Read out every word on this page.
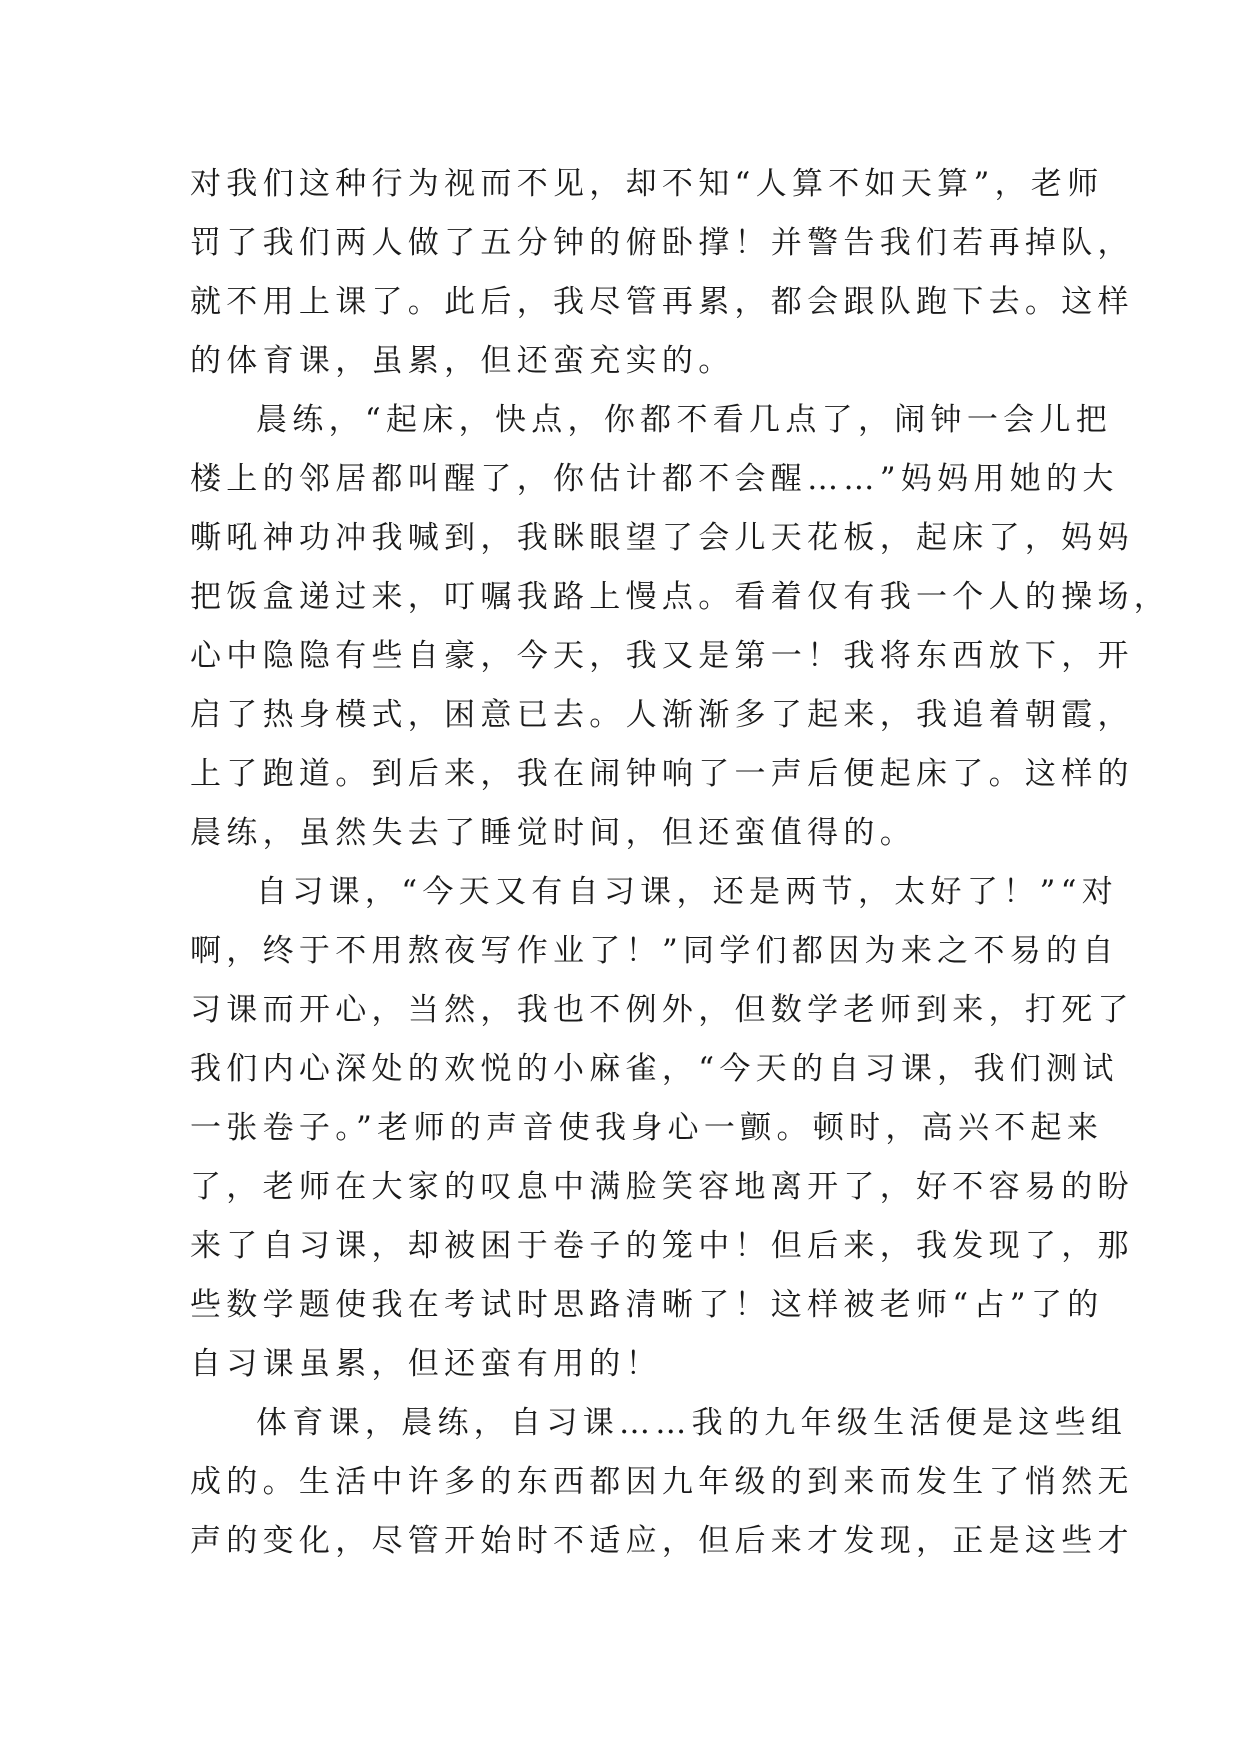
对我们这种行为视而不见，却不知“人算不如天算”，老师
罚了我们两人做了五分钟的俯卧撑！并警告我们若再掉队，
就不用上课了。此后，我尽管再累，都会跟队跑下去。这样
的体育课，虽累，但还蛮充实的。
晨练，“起床，快点，你都不看几点了，闹钟一会儿把
楼上的邻居都叫醒了，你估计都不会醒……”妈妈用她的大
嘶吼神功冲我喊到，我眯眼望了会儿天花板，起床了，妈妈
把饭盒递过来，叮嘱我路上慢点。看着仅有我一个人的操场，
心中隐隐有些自豪，今天，我又是第一！我将东西放下，开
启了热身模式，困意已去。人渐渐多了起来，我追着朝霞，
上了跑道。到后来，我在闹钟响了一声后便起床了。这样的
晨练，虽然失去了睡觉时间，但还蛮值得的。
自习课，“今天又有自习课，还是两节，太好了！”“对
啊，终于不用熬夜写作业了！”同学们都因为来之不易的自
习课而开心，当然，我也不例外，但数学老师到来，打死了
我们内心深处的欢悦的小麻雀，“今天的自习课，我们测试
一张卷子。”老师的声音使我身心一颤。顿时，高兴不起来
了，老师在大家的叹息中满脸笑容地离开了，好不容易的盼
来了自习课，却被困于卷子的笼中！但后来，我发现了，那
些数学题使我在考试时思路清晰了！这样被老师“占”了的
自习课虽累，但还蛮有用的！
体育课，晨练，自习课……我的九年级生活便是这些组
成的。生活中许多的东西都因九年级的到来而发生了悄然无
声的变化，尽管开始时不适应，但后来才发现，正是这些才
